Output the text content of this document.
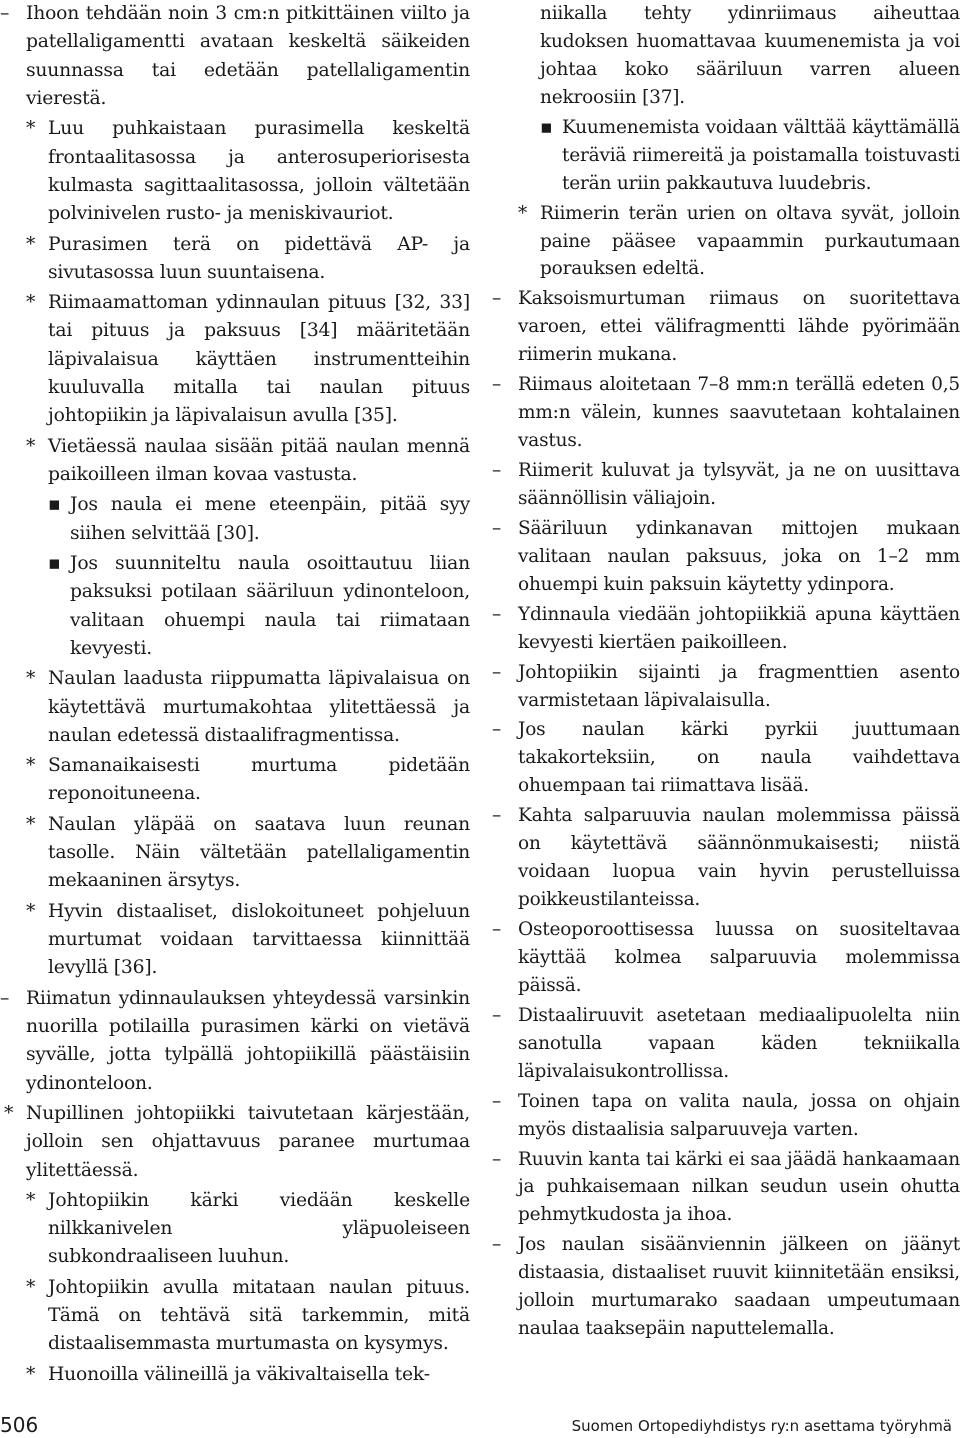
– Ihoon tehdään noin 3 cm:n pitkittäinen viilto ja patellaligamentti avataan keskeltä säikeiden suunnassa tai edetään patellaligamentin vierestä.
* Luu puhkaistaan purasimella keskeltä frontaalitasossa ja anterosuperiorisesta kulmasta sagittaalitasossa, jolloin vältetään polvinivelen rusto- ja meniskivauriot.
* Purasimen terä on pidettävä AP- ja sivutasossa luun suuntaisena.
* Riimaamattoman ydinnaulan pituus [32, 33] tai pituus ja paksuus [34] määritetään läpivalaisua käyttäen instrumentteihin kuuluvalla mitalla tai naulan pituus johtopiikin ja läpivalaisun avulla [35].
* Vietäessä naulaa sisään pitää naulan mennä paikoilleen ilman kovaa vastusta.
▪ Jos naula ei mene eteenpäin, pitää syy siihen selvittää [30].
▪ Jos suunniteltu naula osoittautuu liian paksuksi potilaan sääriluun ydinonteloon, valitaan ohuempi naula tai riimataan kevyesti.
* Naulan laadusta riippumatta läpivalaisua on käytettävä murtumakohtaa ylitettäessä ja naulan edetessä distaalifragmentissa.
* Samanaikaisesti murtuma pidetään reponoituneena.
* Naulan yläpää on saatava luun reunan tasolle. Näin vältetään patellaligamentin mekaaninen ärsytys.
* Hyvin distaaliset, dislokoituneet pohjeluun murtumat voidaan tarvittaessa kiinnittää levyllä [36].
– Riimatun ydinnaulauksen yhteydessä varsinkin nuorilla potilailla purasimen kärki on vietävä syvälle, jotta tylpällä johtopiikillä päästäisiin ydinonteloon.
* Nupillinen johtopiikki taivutetaan kärjestään, jolloin sen ohjattavuus paranee murtumaa ylitettäessä.
* Johtopiikin kärki viedään keskelle nilkkanivelen yläpuoleiseen subkondraaliseen luuhun.
* Johtopiikin avulla mitataan naulan pituus. Tämä on tehtävä sitä tarkemmin, mitä distaalisemmasta murtumasta on kysymys.
* Huonoilla välineillä ja väkivaltaisella tek-
niikalla tehty ydinriimaus aiheuttaa kudoksen huomattavaa kuumenemista ja voi johtaa koko sääriluun varren alueen nekroosiin [37].
▪ Kuumenemista voidaan välttää käyttämällä teräviä riimereitä ja poistamalla toistuvasti terän uriin pakkautuva luudebris.
* Riimerin terän urien on oltava syvät, jolloin paine pääsee vapaammin purkautumaan porauksen edeltä.
– Kaksoismurtuman riimaus on suoritettava varoen, ettei välifragmentti lähde pyörimään riimerin mukana.
– Riimaus aloitetaan 7–8 mm:n terällä edeten 0,5 mm:n välein, kunnes saavutetaan kohtalainen vastus.
– Riimerit kuluvat ja tylsyvät, ja ne on uusittava säännöllisin väliajoin.
– Sääriluun ydinkanavan mittojen mukaan valitaan naulan paksuus, joka on 1–2 mm ohuempi kuin paksuin käytetty ydinpora.
– Ydinnaula viedään johtopiikkiä apuna käyttäen kevyesti kiertäen paikoilleen.
– Johtopiikin sijainti ja fragmenttien asento varmistetaan läpivalaisulla.
– Jos naulan kärki pyrkii juuttumaan takakorteksiin, on naula vaihdettava ohuempaan tai riimattava lisää.
– Kahta salparuuvia naulan molemmissa päissä on käytettävä säännönmukaisesti; niistä voidaan luopua vain hyvin perustelluissa poikkeustilanteissa.
– Osteoporoottisessa luussa on suositeltavaa käyttää kolmea salparuuvia molemmissa päissä.
– Distaaliruuvit asetetaan mediaalipuolelta niin sanotulla vapaan käden tekniikalla läpivalaisukontrollissa.
– Toinen tapa on valita naula, jossa on ohjain myös distaalisia salparuuveja varten.
– Ruuvin kanta tai kärki ei saa jäädä hankaamaan ja puhkaisemaan nilkan seudun usein ohutta pehmytkudosta ja ihoa.
– Jos naulan sisäänviennin jälkeen on jäänyt distaasia, distaaliset ruuvit kiinnitetään ensiksi, jolloin murtumarako saadaan umpeutumaan naulaa taaksepäin naputtelemalla.
506	Suomen Ortopediyhdistys ry:n asettama työryhmä
